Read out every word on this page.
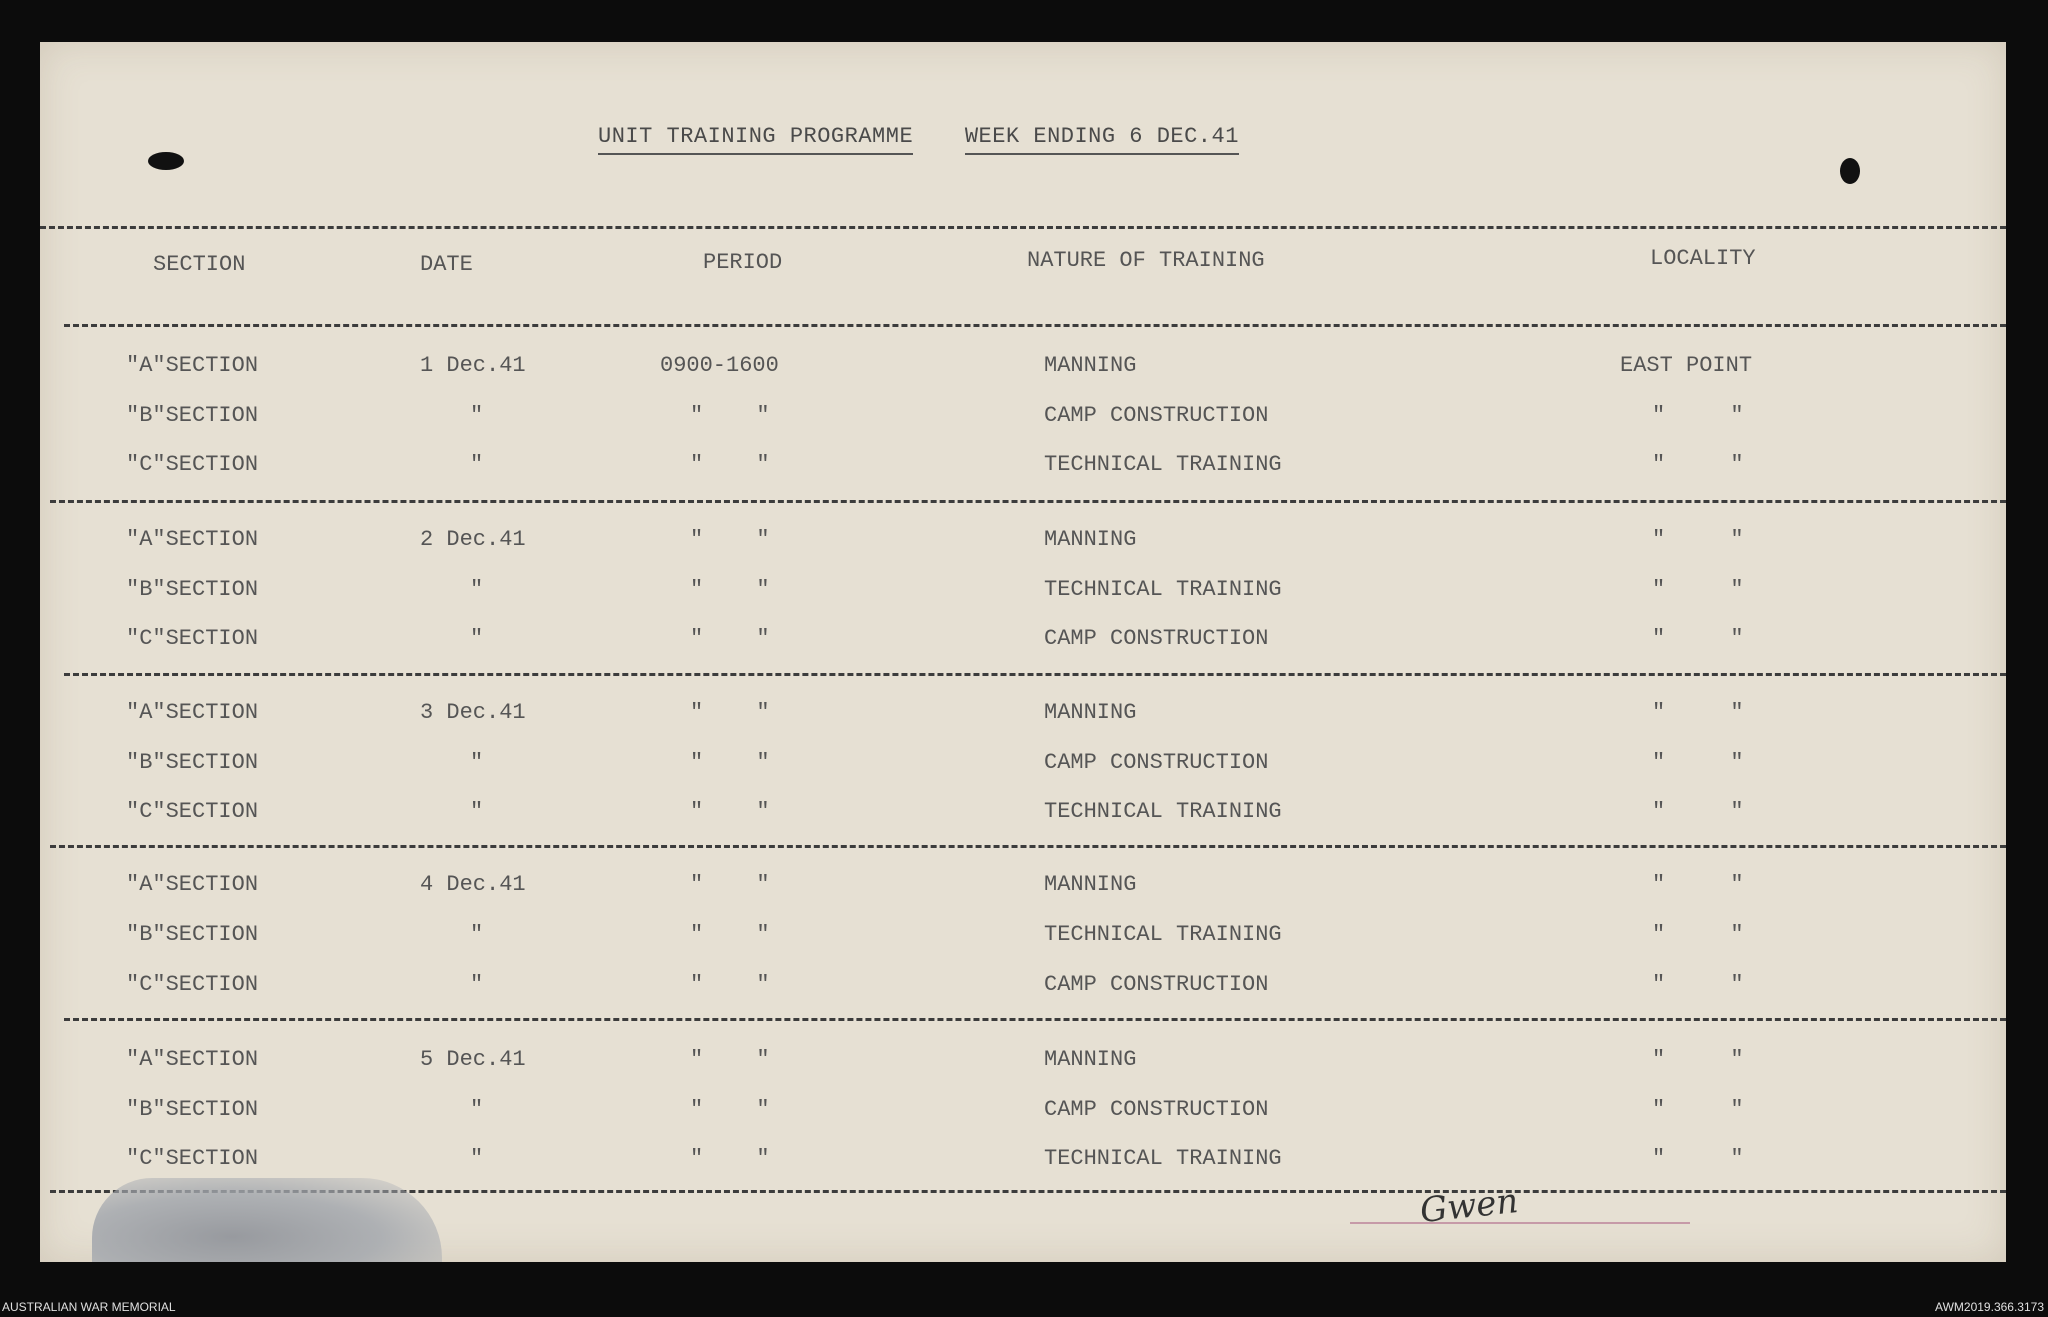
UNIT TRAINING PROGRAMME WEEK ENDING 6 DEC.41
SECTION	DATE	PERIOD	NATURE OF TRAINING	LOCALITY
"A"SECTION	1 Dec.41	0900-1600	MANNING	EAST POINT
"B"SECTION	"	" "	CAMP CONSTRUCTION	" "
"C"SECTION	"	" "	TECHNICAL TRAINING	" "
"A"SECTION	2 Dec.41	" "	MANNING	" "
"B"SECTION	"	" "	TECHNICAL TRAINING	" "
"C"SECTION	"	" "	CAMP CONSTRUCTION	" "
"A"SECTION	3 Dec.41	" "	MANNING	" "
"B"SECTION	"	" "	CAMP CONSTRUCTION	" "
"C"SECTION	"	" "	TECHNICAL TRAINING	" "
"A"SECTION	4 Dec.41	" "	MANNING	" "
"B"SECTION	"	" "	TECHNICAL TRAINING	" "
"C"SECTION	"	" "	CAMP CONSTRUCTION	" "
"A"SECTION	5 Dec.41	" "	MANNING	" "
"B"SECTION	"	" "	CAMP CONSTRUCTION	" "
"C"SECTION	"	" "	TECHNICAL TRAINING	" "
Gwen
AUSTRALIAN WAR MEMORIAL	AWM2019.366.3173
